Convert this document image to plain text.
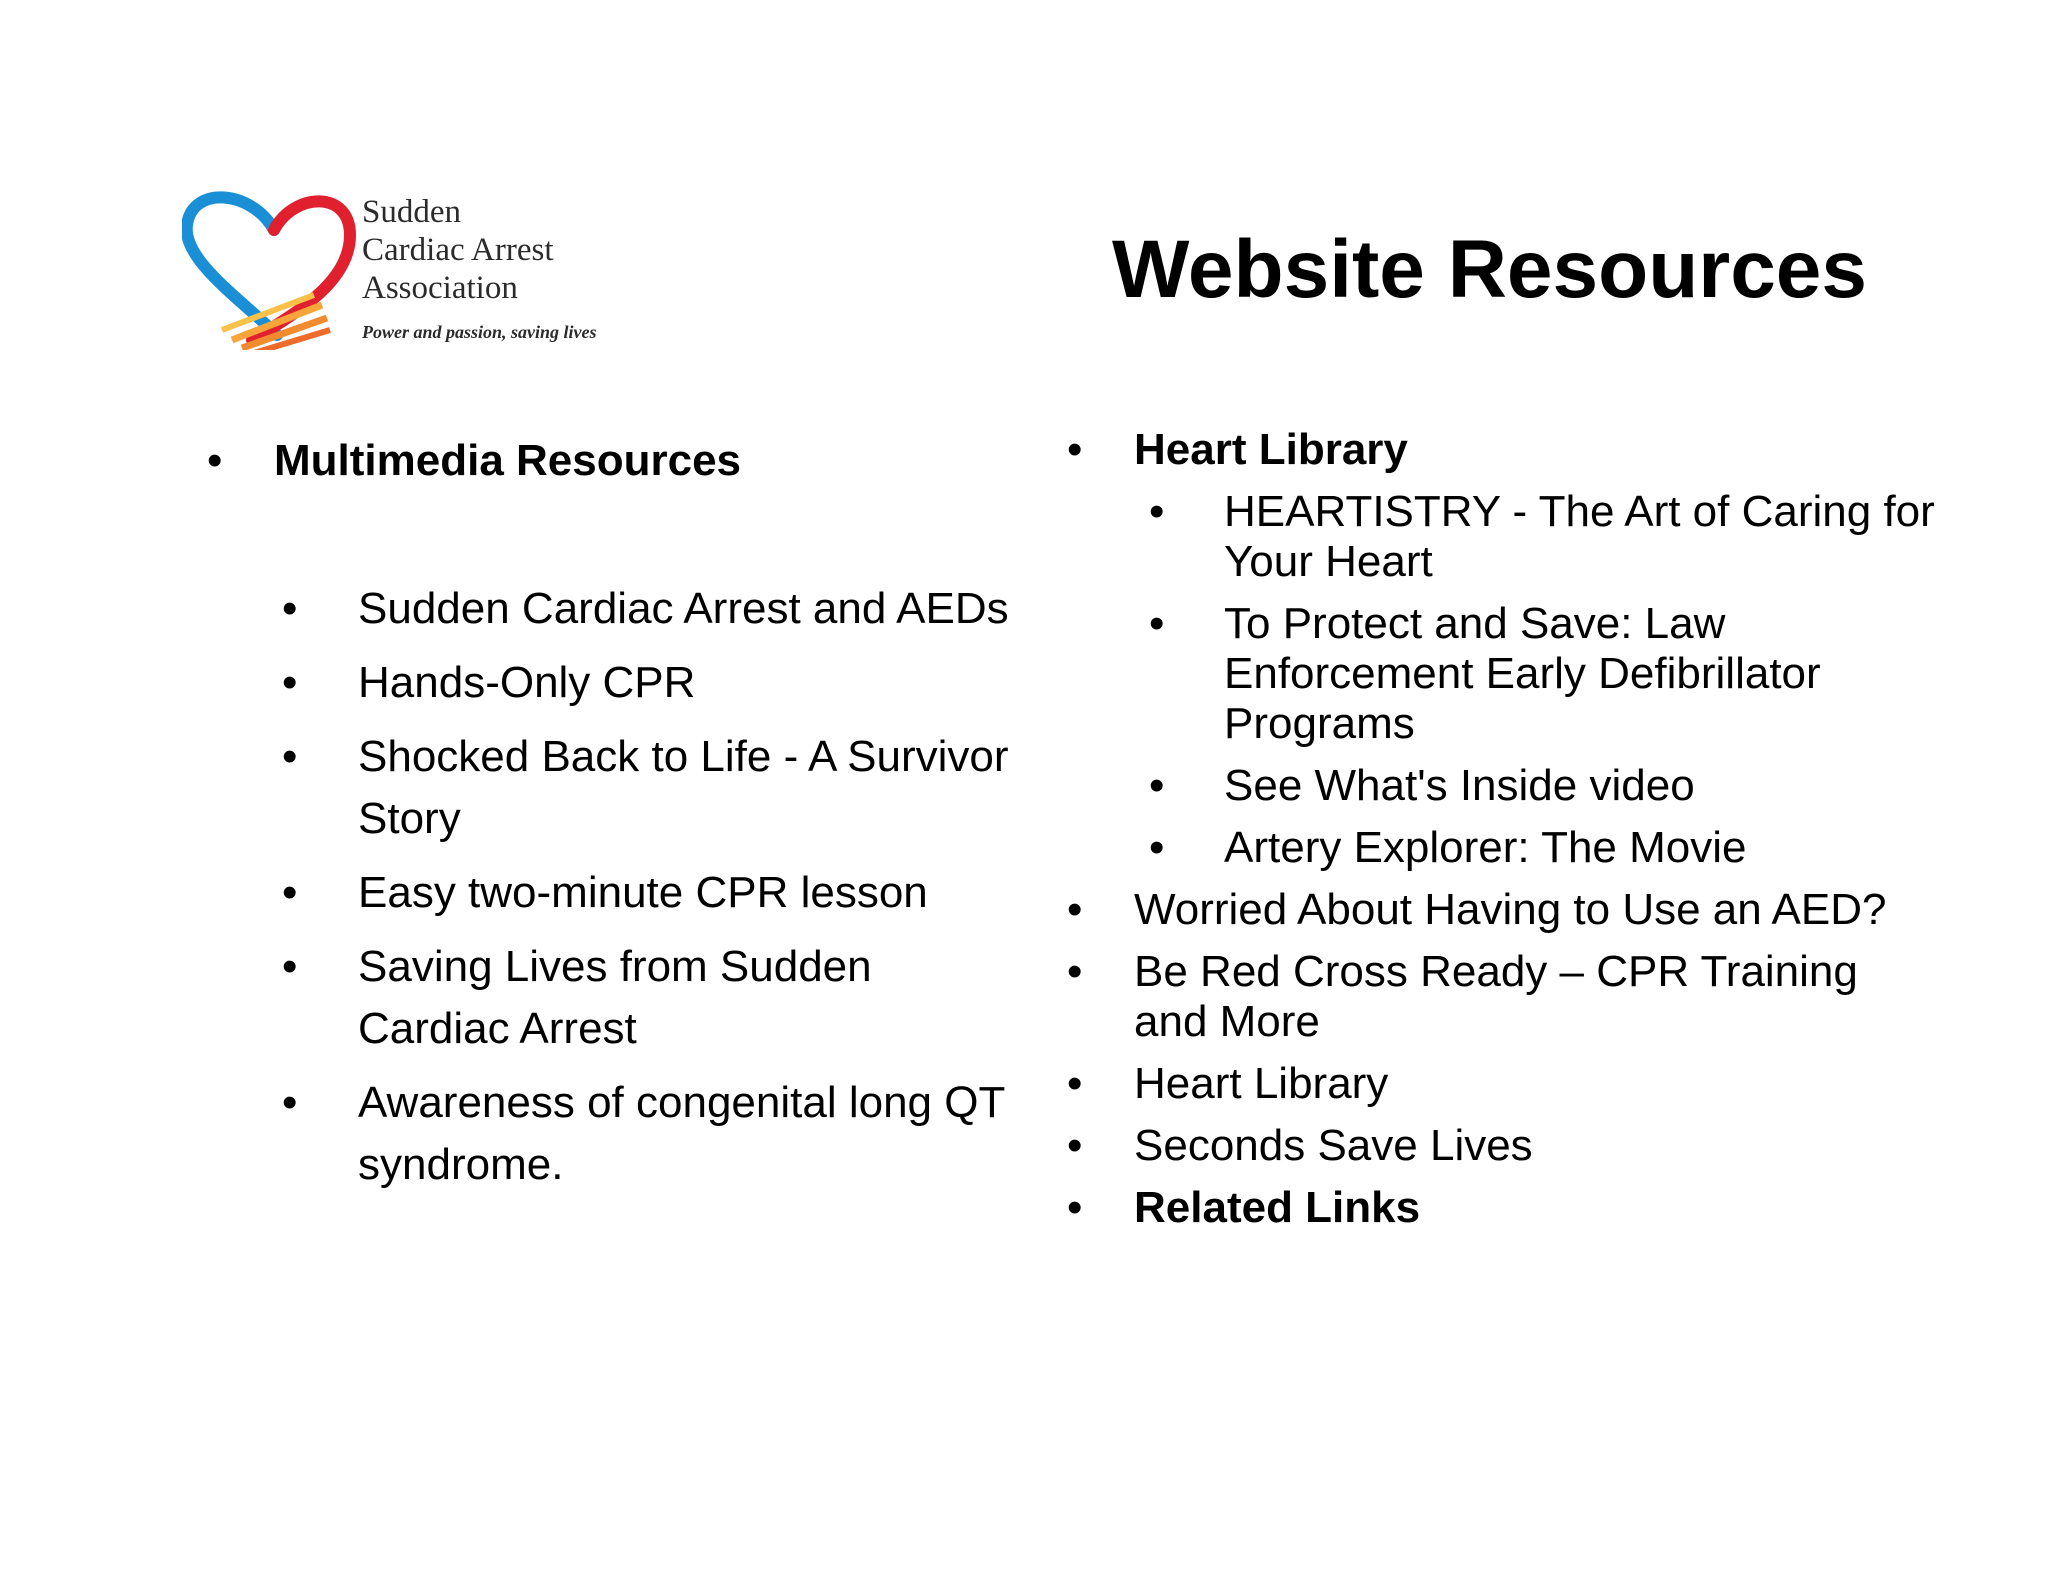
Sudden
Cardiac Arrest
Association
Power and passion, saving lives
Website Resources
• Multimedia Resources
• Sudden Cardiac Arrest and AEDs
• Hands-Only CPR
• Shocked Back to Life - A Survivor Story
• Easy two-minute CPR lesson
• Saving Lives from Sudden Cardiac Arrest
• Awareness of congenital long QT syndrome.
• Heart Library
• HEARTISTRY - The Art of Caring for Your Heart
• To Protect and Save: Law Enforcement Early Defibrillator Programs
• See What's Inside video
• Artery Explorer: The Movie
• Worried About Having to Use an AED?
• Be Red Cross Ready – CPR Training and More
• Heart Library
• Seconds Save Lives
• Related Links
